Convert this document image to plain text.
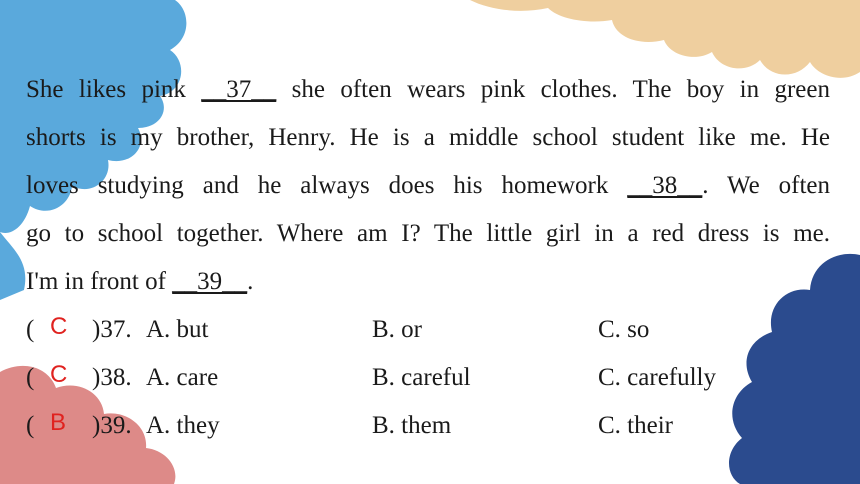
She likes pink __37__ she often wears pink clothes. The boy in green
shorts is my brother, Henry. He is a middle school student like me. He
loves studying and he always does his homework __38__. We often
go to school together. Where am I? The little girl in a red dress is me.
I'm in front of __39__.
( C )37. A. but	B. or	C. so
( C )38. A. care	B. careful	C. carefully
( B )39. A. they	B. them	C. their
